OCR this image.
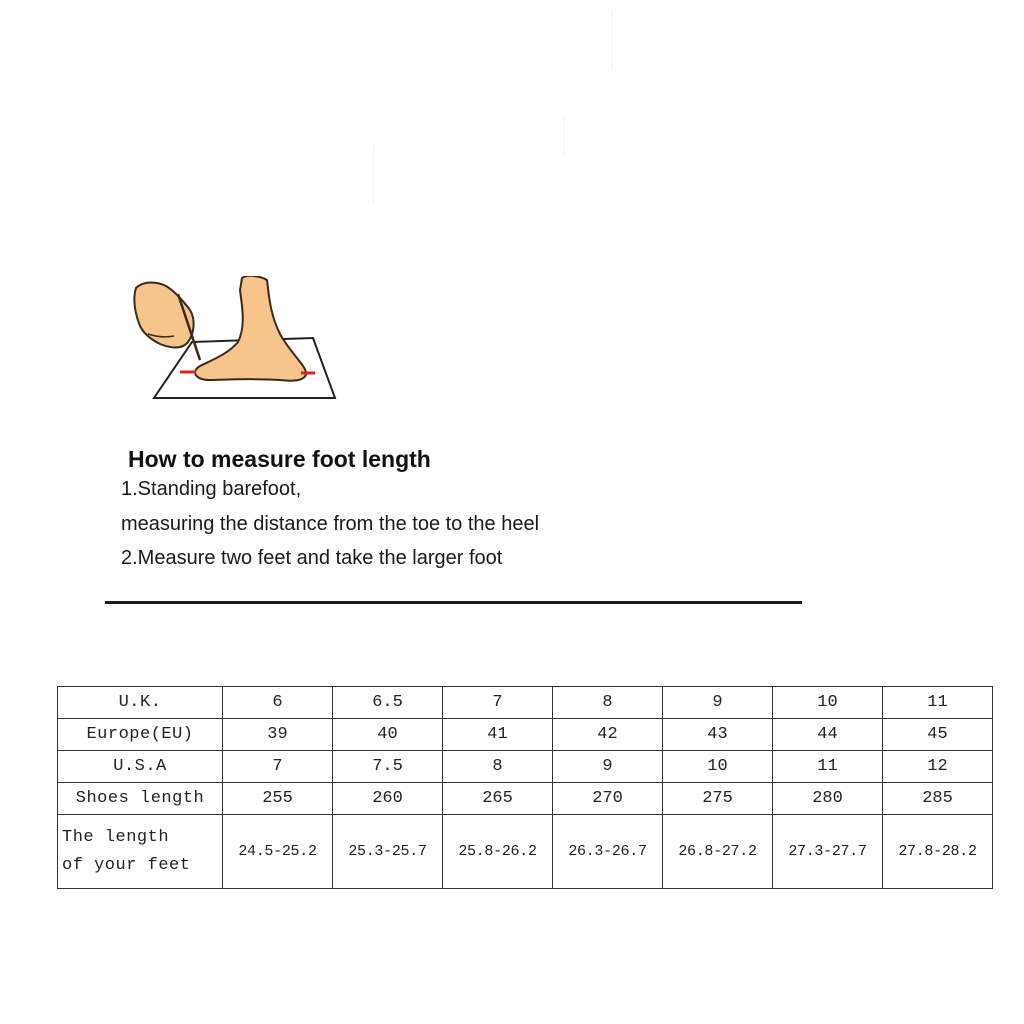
How to measure foot length
1.Standing barefoot,
measuring the distance from the toe to the heel
2.Measure two feet and take the larger foot
U.K.	6	6.5	7	8	9	10	11
Europe(EU)	39	40	41	42	43	44	45
U.S.A	7	7.5	8	9	10	11	12
Shoes length	255	260	265	270	275	280	285

The length
of your feet	24.5-25.2	25.3-25.7	25.8-26.2	26.3-26.7	26.8-27.2	27.3-27.7	27.8-28.2
